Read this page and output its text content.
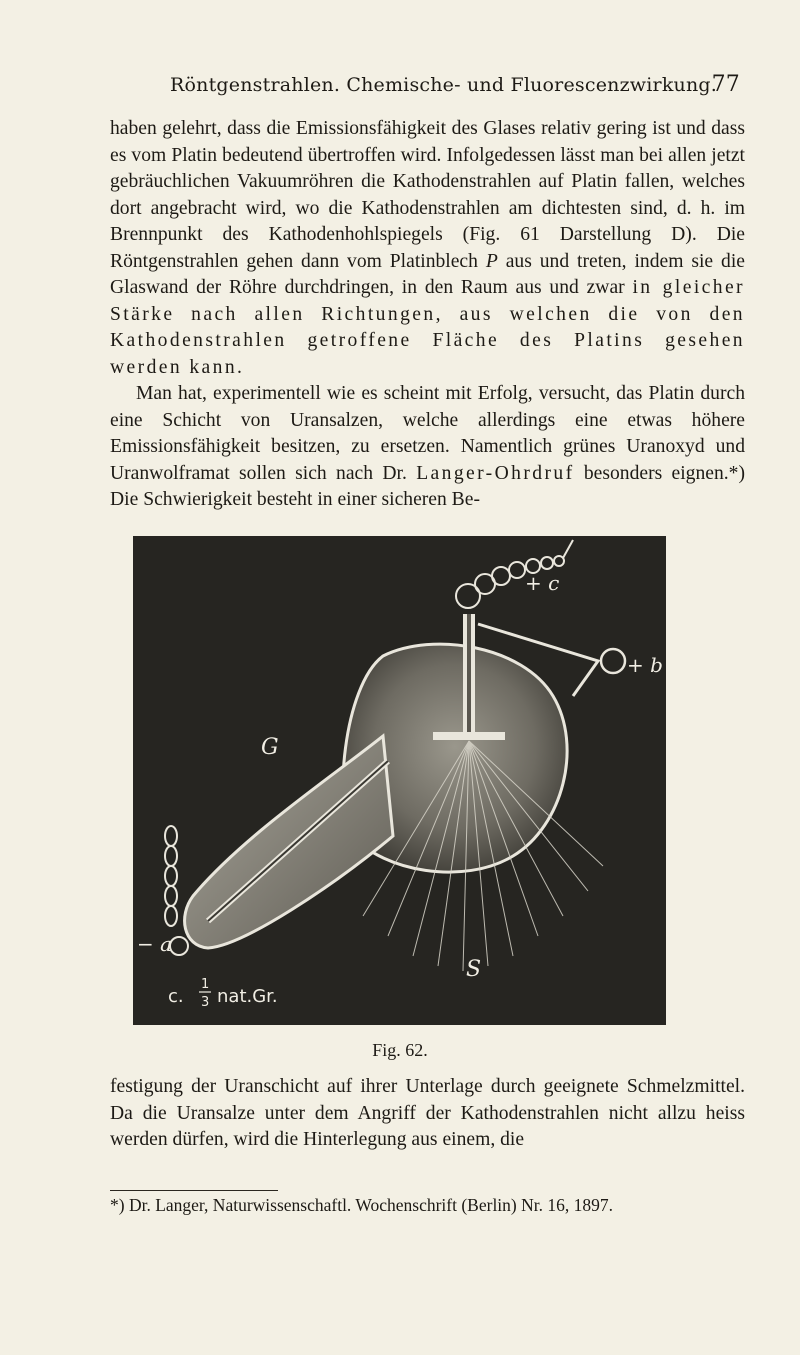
Röntgenstrahlen. Chemische- und Fluorescenzwirkung.
77

haben gelehrt, dass die Emissionsfähigkeit des Glases relativ gering ist und dass es vom Platin bedeutend übertroffen wird. Infolgedessen lässt man bei allen jetzt gebräuchlichen Vakuumröhren die Kathodenstrahlen auf Platin fallen, welches dort angebracht wird, wo die Kathodenstrahlen am dichtesten sind, d. h. im Brennpunkt des Kathodenhohlspiegels (Fig. 61 Darstellung D). Die Röntgenstrahlen gehen dann vom Platinblech P aus und treten, indem sie die Glaswand der Röhre durchdringen, in den Raum aus und zwar in gleicher Stärke nach allen Richtungen, aus welchen die von den Kathodenstrahlen getroffene Fläche des Platins gesehen werden kann.

Man hat, experimentell wie es scheint mit Erfolg, versucht, das Platin durch eine Schicht von Uransalzen, welche allerdings eine etwas höhere Emissionsfähigkeit besitzen, zu ersetzen. Namentlich grünes Uranoxyd und Uranwolframat sollen sich nach Dr. Langer-Ohrdruf besonders eignen.*) Die Schwierigkeit besteht in einer sicheren Be-

+ c
+ b
− a
G
S
c.
1
3 nat.Gr.
Fig. 62.

festigung der Uranschicht auf ihrer Unterlage durch geeignete Schmelzmittel. Da die Uransalze unter dem Angriff der Kathodenstrahlen nicht allzu heiss werden dürfen, wird die Hinterlegung aus einem, die

*) Dr. Langer, Naturwissenschaftl. Wochenschrift (Berlin) Nr. 16, 1897.
